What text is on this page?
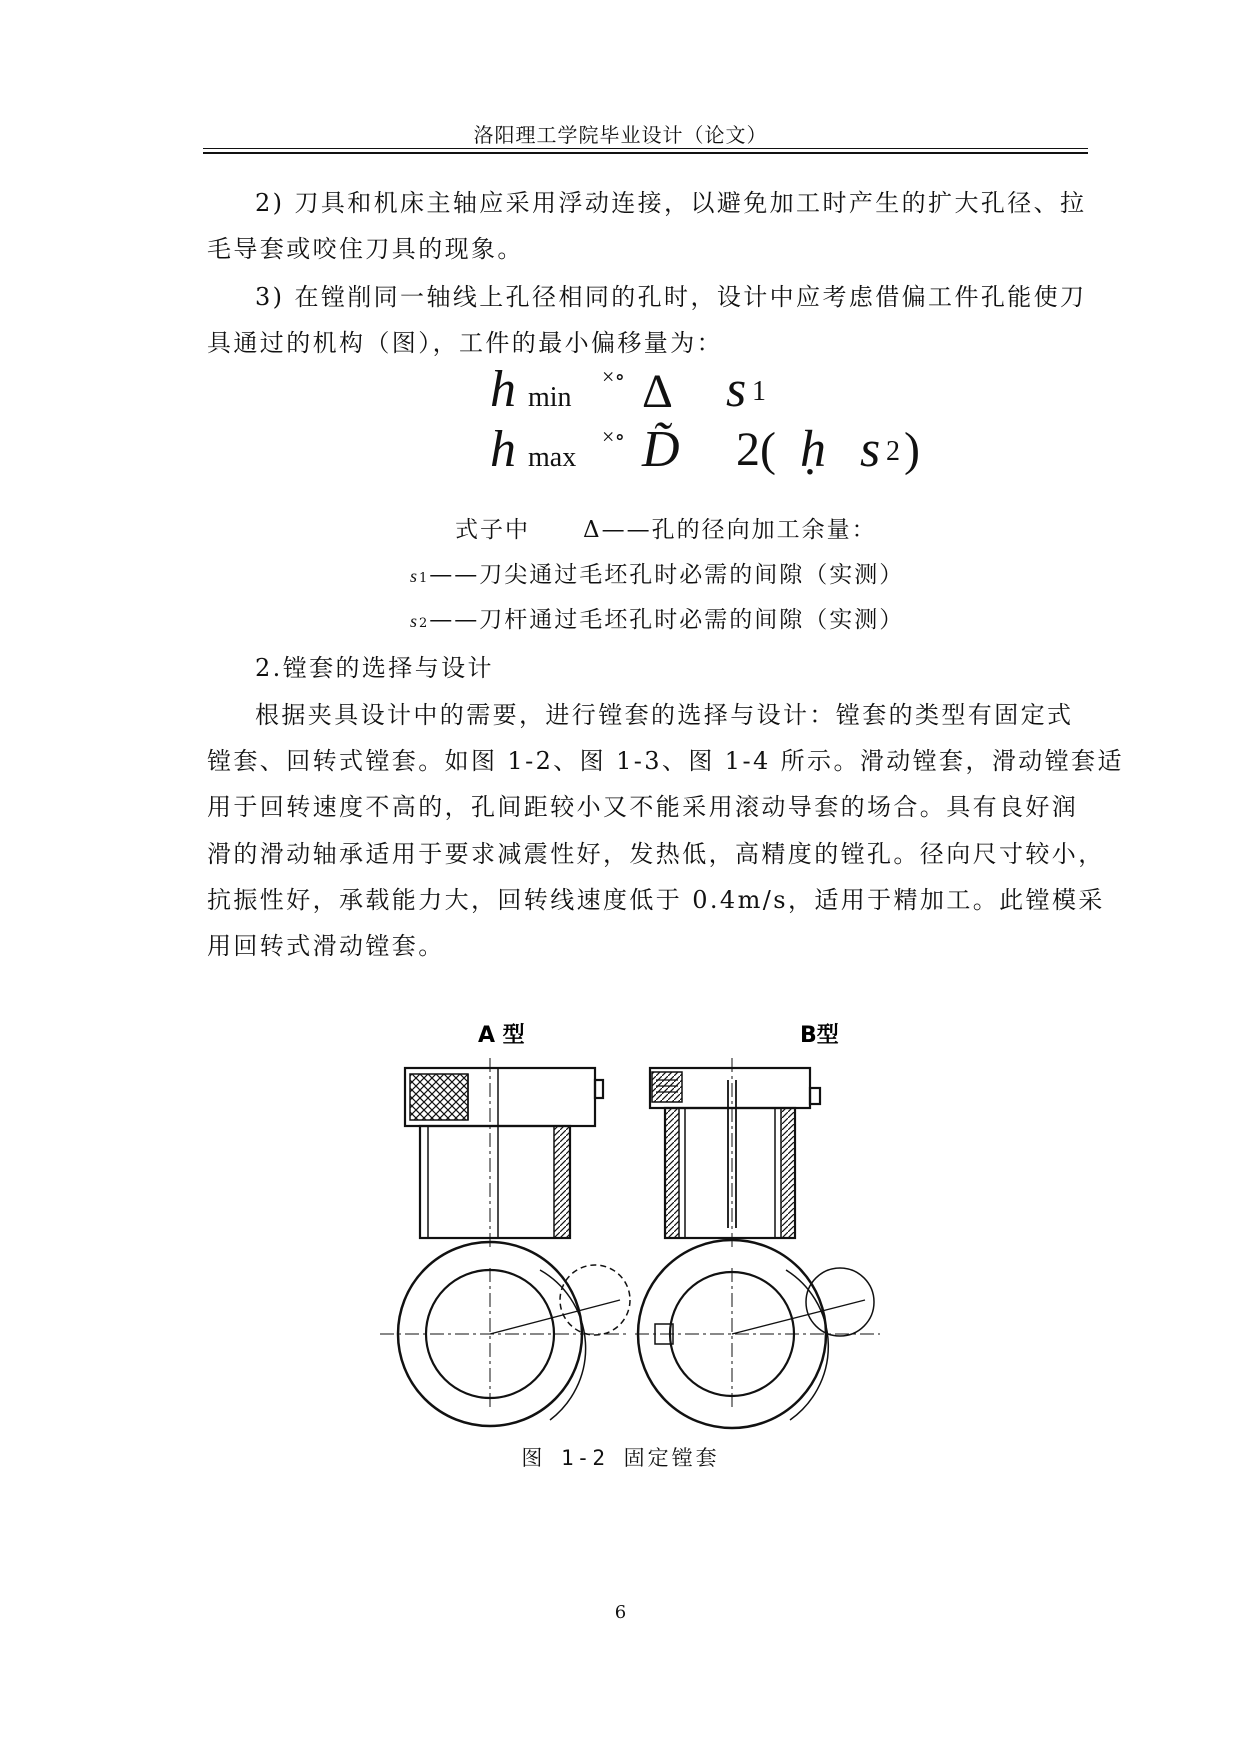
洛阳理工学院毕业设计（论文）
2) 刀具和机床主轴应采用浮动连接，以避免加工时产生的扩大孔径、拉
毛导套或咬住刀具的现象。
3) 在镗削同一轴线上孔径相同的孔时，设计中应考虑借偏工件孔能使刀
具通过的机构（图），工件的最小偏移量为：
h min
×∘ Δ s 1
h max
×∘ D̃ 2( ḥ s 2 )
式子中 Δ——孔的径向加工余量：
s1——刀尖通过毛坯孔时必需的间隙（实测）
s2——刀杆通过毛坯孔时必需的间隙（实测）
2.镗套的选择与设计
根据夹具设计中的需要，进行镗套的选择与设计：镗套的类型有固定式
镗套、回转式镗套。如图 1-2、图 1-3、图 1-4 所示。滑动镗套，滑动镗套适
用于回转速度不高的，孔间距较小又不能采用滚动导套的场合。具有良好润
滑的滑动轴承适用于要求减震性好，发热低，高精度的镗孔。径向尺寸较小，
抗振性好，承载能力大，回转线速度低于 0.4m/s，适用于精加工。此镗模采
用回转式滑动镗套。
A 型	B型
图 1-2 固定镗套
6
